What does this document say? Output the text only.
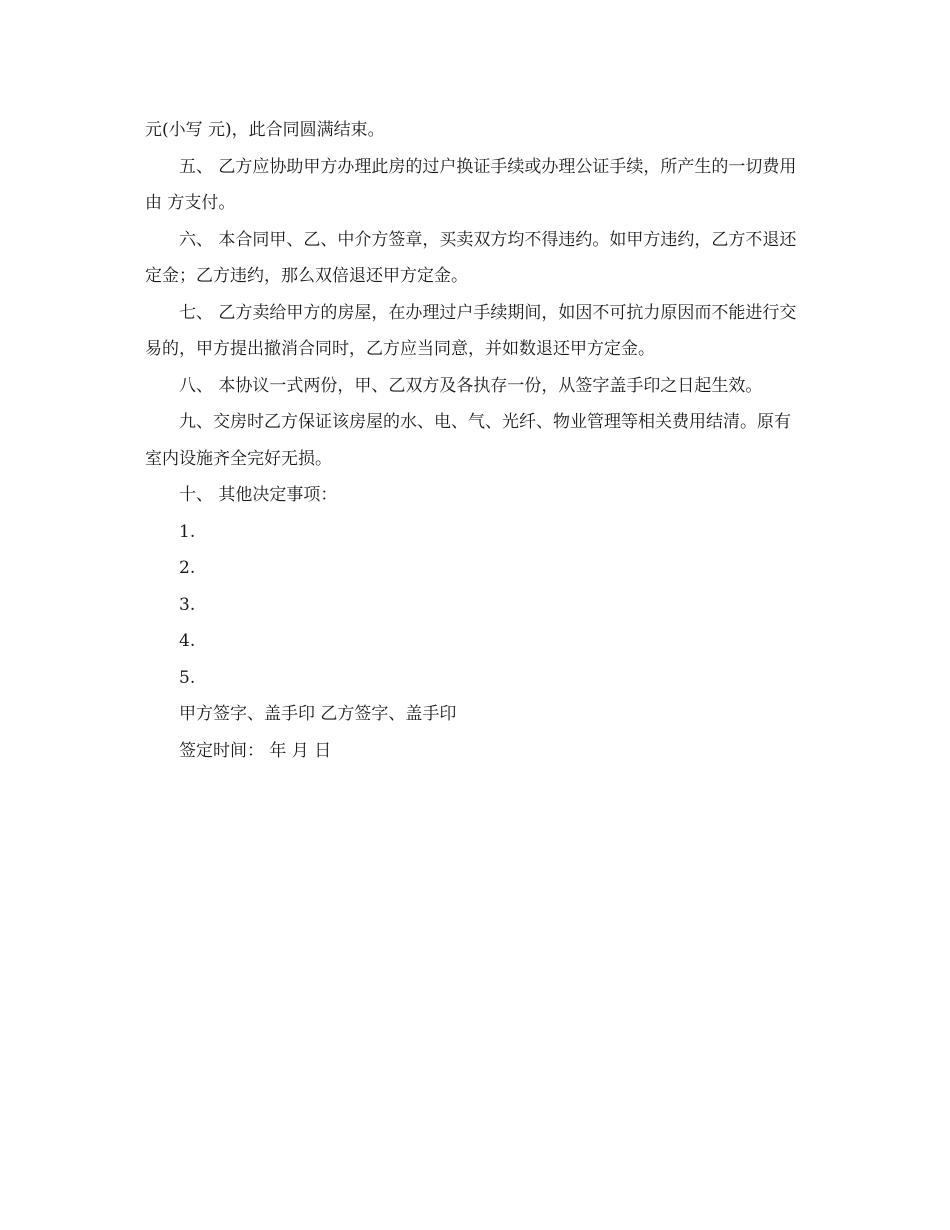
元(小写 元)，此合同圆满结束。

五、 乙方应协助甲方办理此房的过户换证手续或办理公证手续，所产生的一切费用由 方支付。

六、 本合同甲、乙、中介方签章，买卖双方均不得违约。如甲方违约，乙方不退还定金；乙方违约，那么双倍退还甲方定金。

七、 乙方卖给甲方的房屋，在办理过户手续期间，如因不可抗力原因而不能进行交易的，甲方提出撤消合同时，乙方应当同意，并如数退还甲方定金。

八、 本协议一式两份，甲、乙双方及各执存一份，从签字盖手印之日起生效。

九、交房时乙方保证该房屋的水、电、气、光纤、物业管理等相关费用结清。原有室内设施齐全完好无损。

十、 其他决定事项：

1.

2.

3.

4.

5.

甲方签字、盖手印 乙方签字、盖手印

签定时间： 年 月 日
